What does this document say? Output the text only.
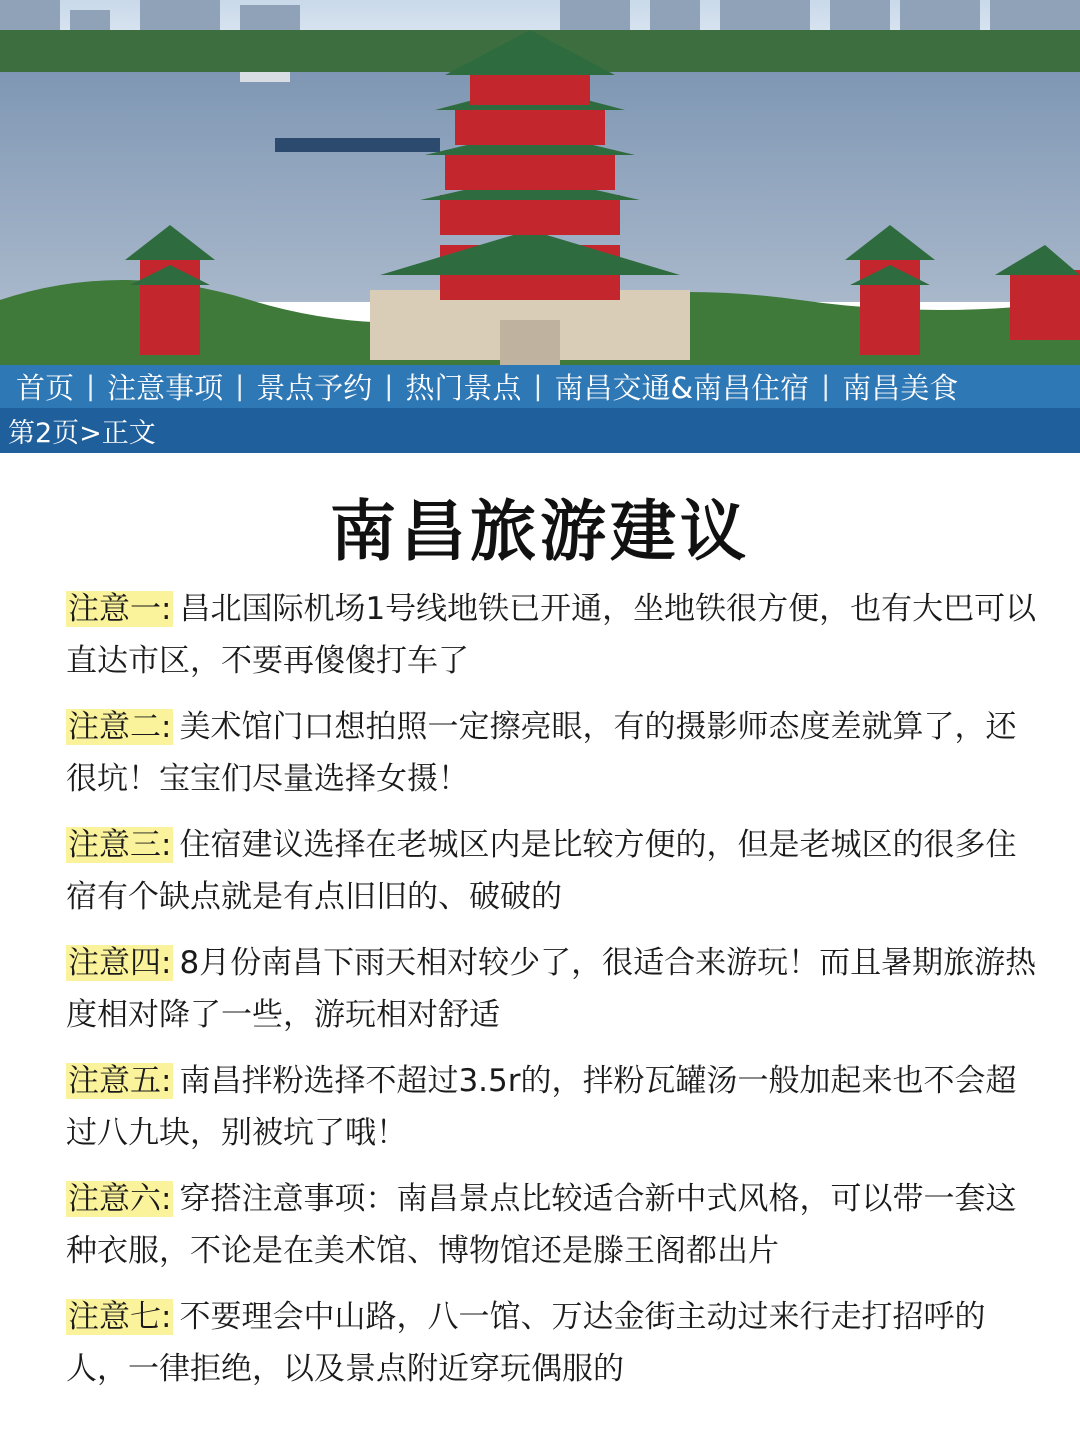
首页 | 注意事项 | 景点予约 | 热门景点 | 南昌交通&南昌住宿 | 南昌美食
第2页>正文
南昌旅游建议
注意一: 昌北国际机场1号线地铁已开通，坐地铁很方便，也有大巴可以直达市区，不要再傻傻打车了
注意二: 美术馆门口想拍照一定擦亮眼，有的摄影师态度差就算了，还很坑！宝宝们尽量选择女摄！
注意三: 住宿建议选择在老城区内是比较方便的，但是老城区的很多住宿有个缺点就是有点旧旧的、破破的
注意四: 8月份南昌下雨天相对较少了，很适合来游玩！而且暑期旅游热度相对降了一些，游玩相对舒适
注意五: 南昌拌粉选择不超过3.5r的，拌粉瓦罐汤一般加起来也不会超过八九块，别被坑了哦！
注意六: 穿搭注意事项：南昌景点比较适合新中式风格，可以带一套这种衣服，不论是在美术馆、博物馆还是滕王阁都出片
注意七: 不要理会中山路，八一馆、万达金街主动过来行走打招呼的人，一律拒绝，以及景点附近穿玩偶服的
